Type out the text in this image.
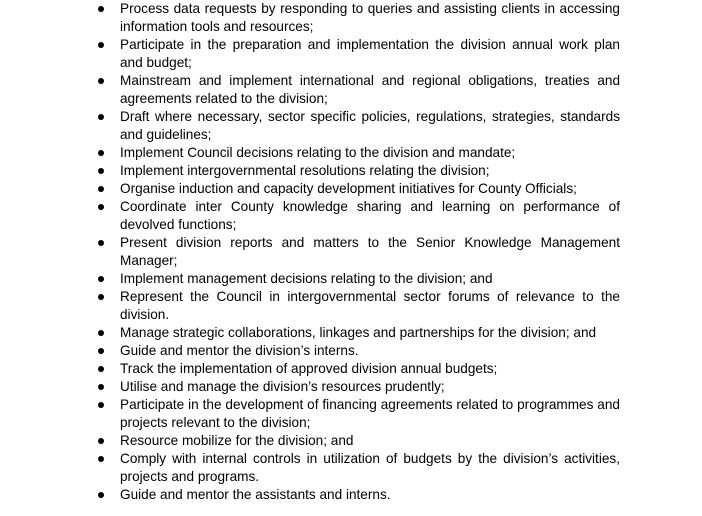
Process data requests by responding to queries and assisting clients in accessing information tools and resources;
Participate in the preparation and implementation the division annual work plan and budget;
Mainstream and implement international and regional obligations, treaties and agreements related to the division;
Draft where necessary, sector specific policies, regulations, strategies, standards and guidelines;
Implement Council decisions relating to the division and mandate;
Implement intergovernmental resolutions relating the division;
Organise induction and capacity development initiatives for County Officials;
Coordinate inter County knowledge sharing and learning on performance of devolved functions;
Present division reports and matters to the Senior Knowledge Management Manager;
Implement management decisions relating to the division; and
Represent the Council in intergovernmental sector forums of relevance to the division.
Manage strategic collaborations, linkages and partnerships for the division; and
Guide and mentor the division’s interns.
Track the implementation of approved division annual budgets;
Utilise and manage the division’s resources prudently;
Participate in the development of financing agreements related to programmes and projects relevant to the division;
Resource mobilize for the division; and
Comply with internal controls in utilization of budgets by the division’s activities, projects and programs.
Guide and mentor the assistants and interns.
